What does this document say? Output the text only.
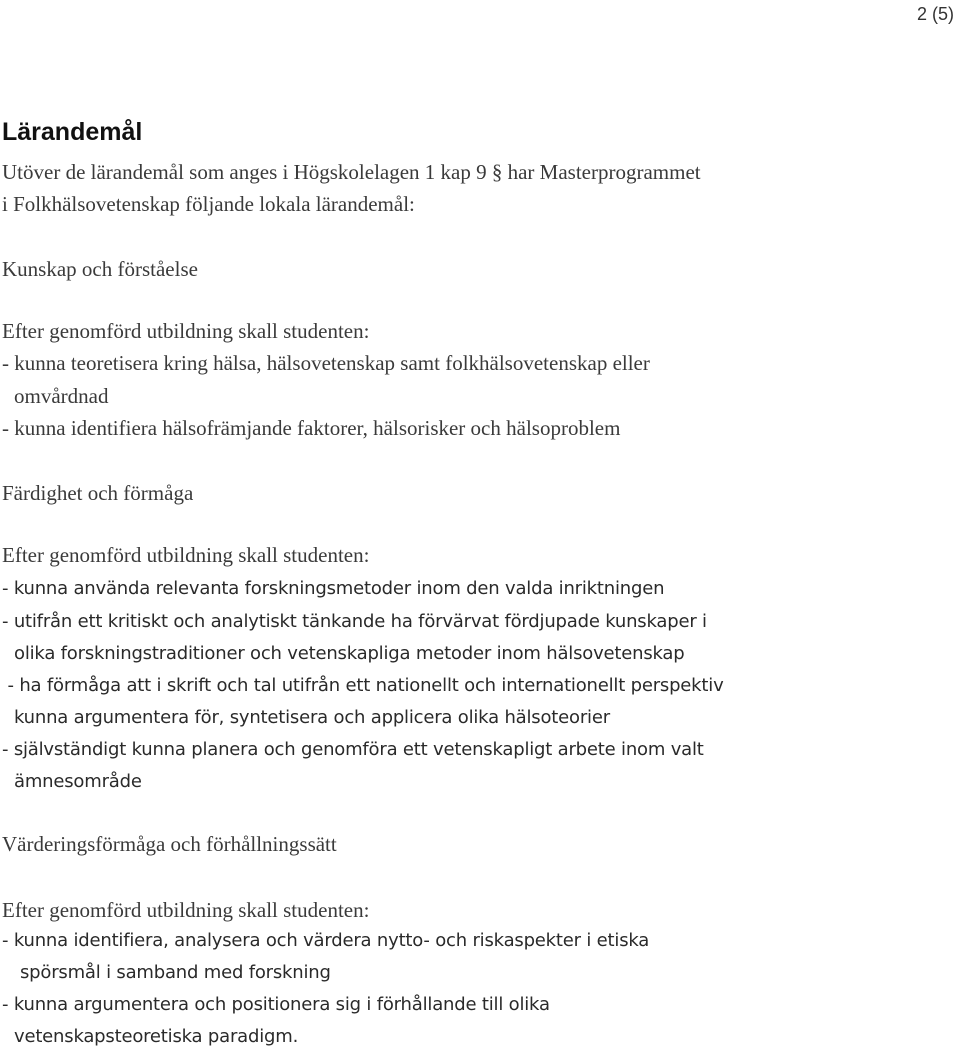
2 (5)
Lärandemål
Utöver de lärandemål som anges i Högskolelagen 1 kap 9 § har Masterprogrammet
i Folkhälsovetenskap följande lokala lärandemål:
Kunskap och förståelse
Efter genomförd utbildning skall studenten:
- kunna teoretisera kring hälsa, hälsovetenskap samt folkhälsovetenskap eller
omvårdnad
- kunna identifiera hälsofrämjande faktorer, hälsorisker och hälsoproblem
Färdighet och förmåga
Efter genomförd utbildning skall studenten:
- kunna använda relevanta forskningsmetoder inom den valda inriktningen
- utifrån ett kritiskt och analytiskt tänkande ha förvärvat fördjupade kunskaper i
olika forskningstraditioner och vetenskapliga metoder inom hälsovetenskap
- ha förmåga att i skrift och tal utifrån ett nationellt och internationellt perspektiv
kunna argumentera för, syntetisera och applicera olika hälsoteorier
- självständigt kunna planera och genomföra ett vetenskapligt arbete inom valt
ämnesområde
Värderingsförmåga och förhållningssätt
Efter genomförd utbildning skall studenten:
- kunna identifiera, analysera och värdera nytto- och riskaspekter i etiska
spörsmål i samband med forskning
- kunna argumentera och positionera sig i förhållande till olika
vetenskapsteoretiska paradigm.
